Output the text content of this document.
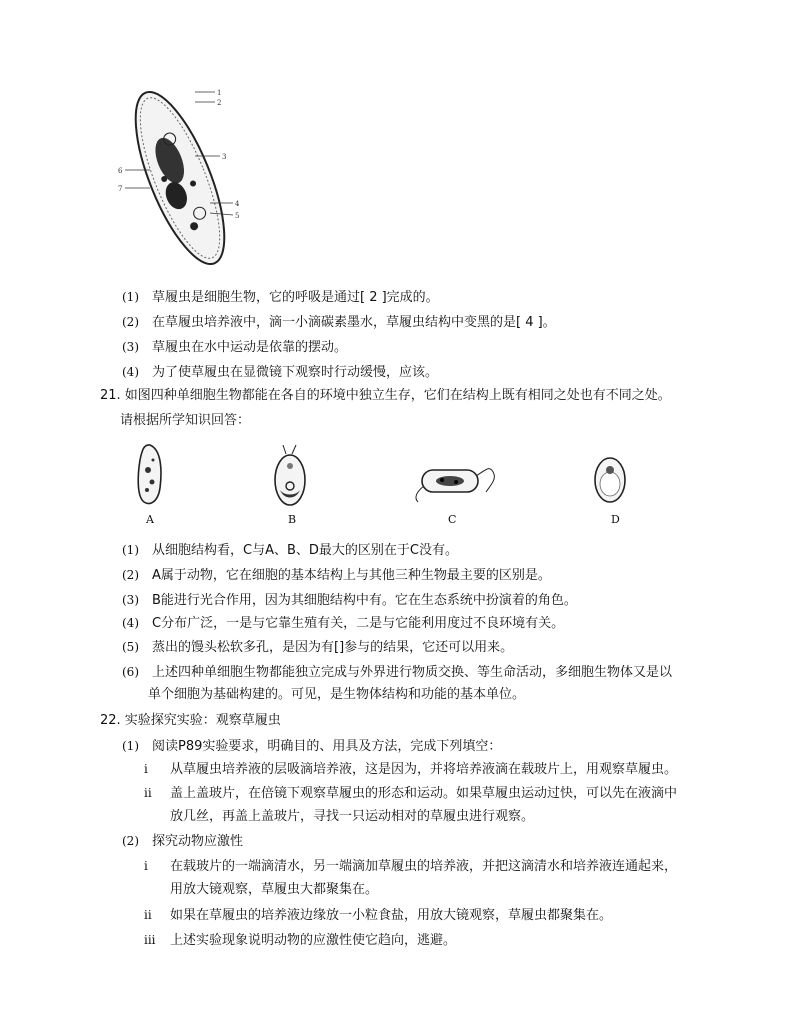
1
2
3
4
5
6
7
(1) 草履虫是细胞生物，它的呼吸是通过[ 2 ]完成的。
(2) 在草履虫培养液中，滴一小滴碳素墨水，草履虫结构中变黑的是[ 4 ]。
(3) 草履虫在水中运动是依靠的摆动。
(4) 为了使草履虫在显微镜下观察时行动缓慢，应该。
21. 如图四种单细胞生物都能在各自的环境中独立生存，它们在结构上既有相同之处也有不同之处。
请根据所学知识回答：
A	B	C	D
(1) 从细胞结构看，C与A、B、D最大的区别在于C没有。
(2) A属于动物，它在细胞的基本结构上与其他三种生物最主要的区别是。
(3) B能进行光合作用，因为其细胞结构中有。它在生态系统中扮演着的角色。
(4) C分布广泛，一是与它靠生殖有关，二是与它能利用度过不良环境有关。
(5) 蒸出的馒头松软多孔，是因为有[]参与的结果，它还可以用来。
(6) 上述四种单细胞生物都能独立完成与外界进行物质交换、等生命活动，多细胞生物体又是以
单个细胞为基础构建的。可见，是生物体结构和功能的基本单位。
22. 实验探究实验：观察草履虫
(1) 阅读P89实验要求，明确目的、用具及方法，完成下列填空：
i 从草履虫培养液的层吸滴培养液，这是因为，并将培养液滴在载玻片上，用观察草履虫。
ii 盖上盖玻片，在倍镜下观察草履虫的形态和运动。如果草履虫运动过快，可以先在液滴中
放几丝，再盖上盖玻片，寻找一只运动相对的草履虫进行观察。
(2) 探究动物应激性
i 在载玻片的一端滴清水，另一端滴加草履虫的培养液，并把这滴清水和培养液连通起来，
用放大镜观察，草履虫大都聚集在。
ii 如果在草履虫的培养液边缘放一小粒食盐，用放大镜观察，草履虫都聚集在。
iii 上述实验现象说明动物的应激性使它趋向，逃避。
